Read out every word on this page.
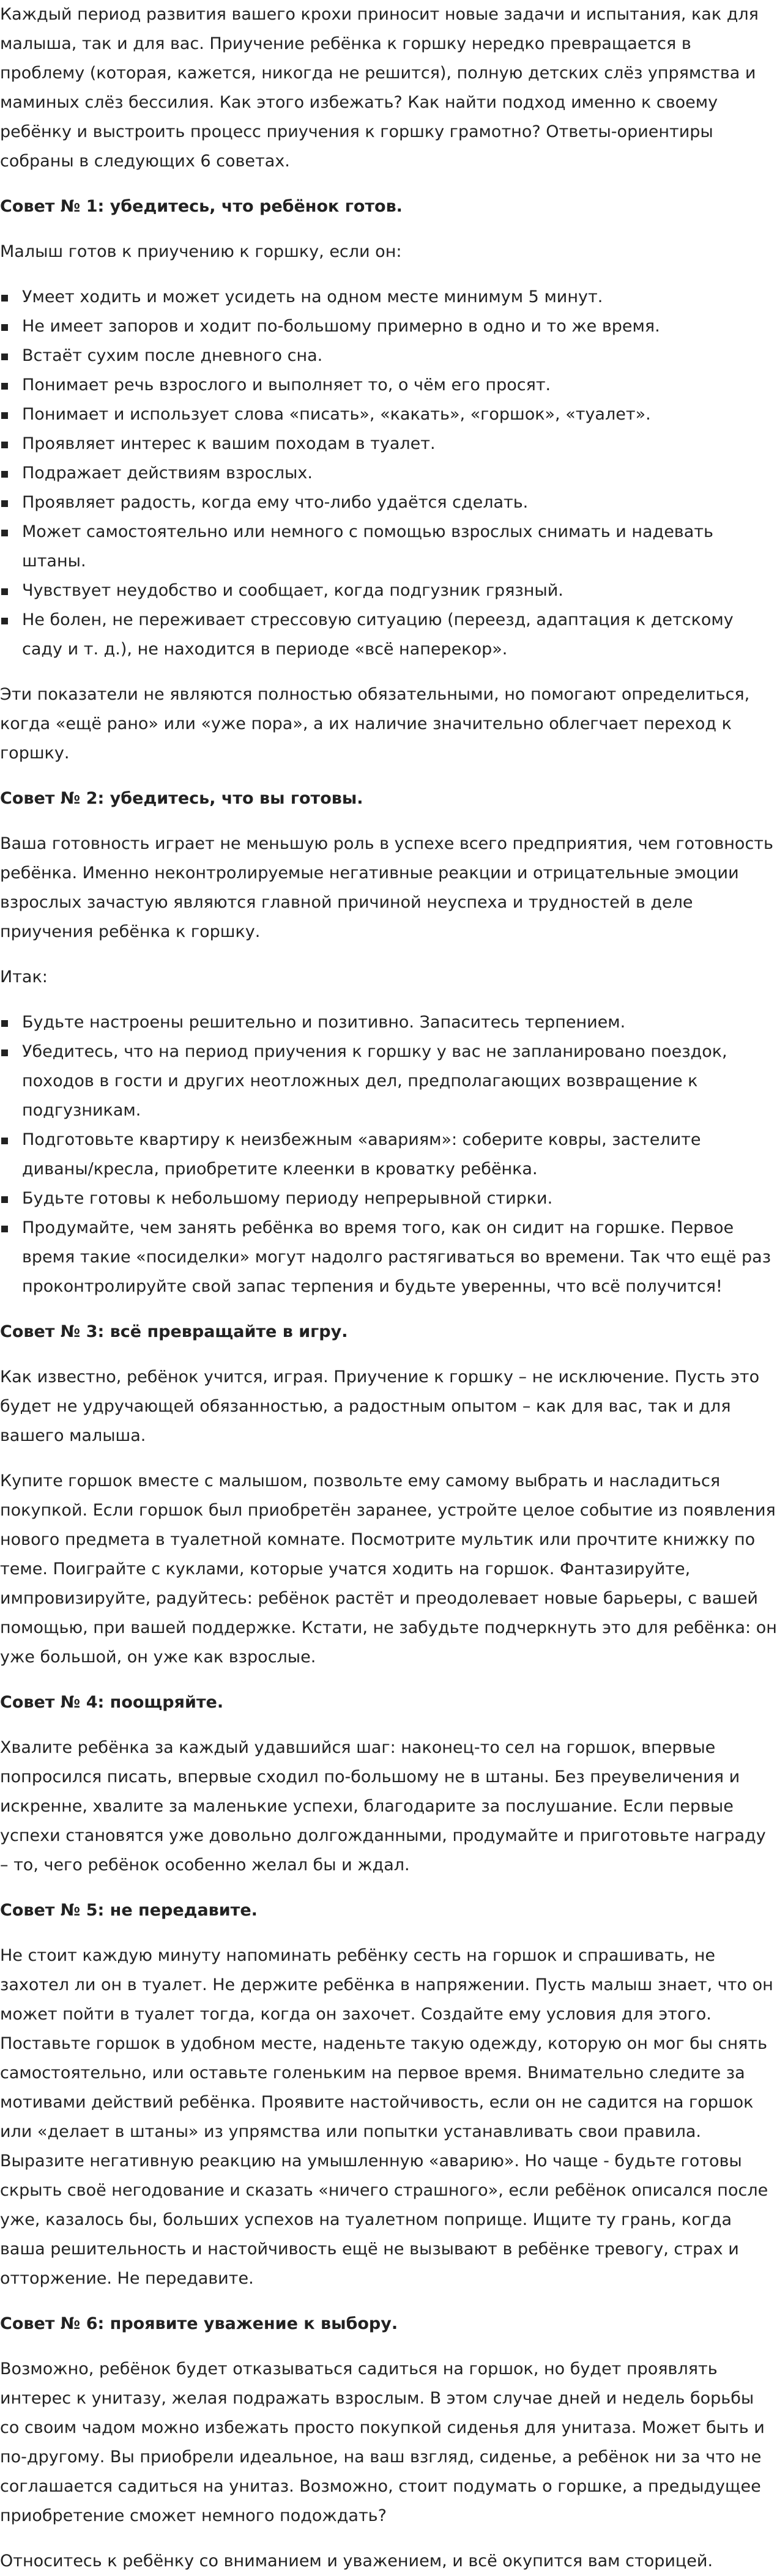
Каждый период развития вашего крохи приносит новые задачи и испытания, как для малыша, так и для вас. Приучение ребёнка к горшку нередко превращается в проблему (которая, кажется, никогда не решится), полную детских слёз упрямства и маминых слёз бессилия. Как этого избежать? Как найти подход именно к своему ребёнку и выстроить процесс приучения к горшку грамотно? Ответы-ориентиры собраны в следующих 6 советах.

Совет № 1: убедитесь, что ребёнок готов.

Малыш готов к приучению к горшку, если он:

Умеет ходить и может усидеть на одном месте минимум 5 минут.
Не имеет запоров и ходит по-большому примерно в одно и то же время.
Встаёт сухим после дневного сна.
Понимает речь взрослого и выполняет то, о чём его просят.
Понимает и использует слова «писать», «какать», «горшок», «туалет».
Проявляет интерес к вашим походам в туалет.
Подражает действиям взрослых.
Проявляет радость, когда ему что-либо удаётся сделать.
Может самостоятельно или немного с помощью взрослых снимать и надевать штаны.
Чувствует неудобство и сообщает, когда подгузник грязный.
Не болен, не переживает стрессовую ситуацию (переезд, адаптация к детскому саду и т. д.), не находится в периоде «всё наперекор».

Эти показатели не являются полностью обязательными, но помогают определиться, когда «ещё рано» или «уже пора», а их наличие значительно облегчает переход к горшку.

Совет № 2: убедитесь, что вы готовы.

Ваша готовность играет не меньшую роль в успехе всего предприятия, чем готовность ребёнка. Именно неконтролируемые негативные реакции и отрицательные эмоции взрослых зачастую являются главной причиной неуспеха и трудностей в деле приучения ребёнка к горшку.

Итак:

Будьте настроены решительно и позитивно. Запаситесь терпением.
Убедитесь, что на период приучения к горшку у вас не запланировано поездок, походов в гости и других неотложных дел, предполагающих возвращение к подгузникам.
Подготовьте квартиру к неизбежным «авариям»: соберите ковры, застелите диваны/кресла, приобретите клеенки в кроватку ребёнка.
Будьте готовы к небольшому периоду непрерывной стирки.
Продумайте, чем занять ребёнка во время того, как он сидит на горшке. Первое время такие «посиделки» могут надолго растягиваться во времени. Так что ещё раз проконтролируйте свой запас терпения и будьте уверенны, что всё получится!
Совет № 3: всё превращайте в игру.

Как известно, ребёнок учится, играя. Приучение к горшку – не исключение. Пусть это будет не удручающей обязанностью, а радостным опытом – как для вас, так и для вашего малыша.

Купите горшок вместе с малышом, позвольте ему самому выбрать и насладиться покупкой. Если горшок был приобретён заранее, устройте целое событие из появления нового предмета в туалетной комнате. Посмотрите мультик или прочтите книжку по теме. Поиграйте с куклами, которые учатся ходить на горшок. Фантазируйте, импровизируйте, радуйтесь: ребёнок растёт и преодолевает новые барьеры, с вашей помощью, при вашей поддержке. Кстати, не забудьте подчеркнуть это для ребёнка: он уже большой, он уже как взрослые.

Совет № 4: поощряйте.

Хвалите ребёнка за каждый удавшийся шаг: наконец-то сел на горшок, впервые попросился писать, впервые сходил по-большому не в штаны. Без преувеличения и искренне, хвалите за маленькие успехи, благодарите за послушание. Если первые успехи становятся уже довольно долгожданными, продумайте и приготовьте награду – то, чего ребёнок особенно желал бы и ждал.

Совет № 5: не передавите.

Не стоит каждую минуту напоминать ребёнку сесть на горшок и спрашивать, не захотел ли он в туалет. Не держите ребёнка в напряжении. Пусть малыш знает, что он может пойти в туалет тогда, когда он захочет. Создайте ему условия для этого. Поставьте горшок в удобном месте, наденьте такую одежду, которую он мог бы снять самостоятельно, или оставьте голеньким на первое время. Внимательно следите за мотивами действий ребёнка. Проявите настойчивость, если он не садится на горшок или «делает в штаны» из упрямства или попытки устанавливать свои правила. Выразите негативную реакцию на умышленную «аварию». Но чаще - будьте готовы скрыть своё негодование и сказать «ничего страшного», если ребёнок описался после уже, казалось бы, больших успехов на туалетном поприще. Ищите ту грань, когда ваша решительность и настойчивость ещё не вызывают в ребёнке тревогу, страх и отторжение. Не передавите.

Совет № 6: проявите уважение к выбору.

Возможно, ребёнок будет отказываться садиться на горшок, но будет проявлять интерес к унитазу, желая подражать взрослым. В этом случае дней и недель борьбы со своим чадом можно избежать просто покупкой сиденья для унитаза. Может быть и по-другому. Вы приобрели идеальное, на ваш взгляд, сиденье, а ребёнок ни за что не соглашается садиться на унитаз. Возможно, стоит подумать о горшке, а предыдущее приобретение сможет немного подождать?

Относитесь к ребёнку со вниманием и уважением, и всё окупится вам сторицей.
